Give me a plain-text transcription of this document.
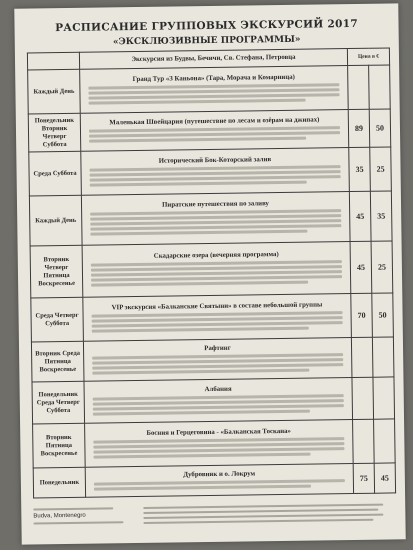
РАСПИСАНИЕ ГРУППОВЫХ ЭКСКУРСИЙ 2017
«ЭКСКЛЮЗИВНЫЕ ПРОГРАММЫ»
	Экскурсия из Будвы, Бечичи, Св. Стефана, Петровца	Цена в €	

Каждый День	Гранд Тур «З Каньона» (Тара, Морача и Комарница)		

Понедельник Вторник Четверг Суббота	Маленькая Швейцария (путешествие по лесам и озёрам на джипах)	89	50
Среда Суббота	Исторический Бок-Которский залив	35	25
Каждый День	Пиратские путешествия по заливу	45	35
Вторник Четверг Пятница Воскресенье	Скадарские озера (вечерняя программа)	45	25
Среда Четверг Суббота	VIP экскурсия «Балканские Святыни» в составе небольшой группы	70	50
Вторник Среда Пятница Воскресенье	Рафтинг		

Понедельник Среда Четверг Суббота	Албания		

Вторник Пятница Воскресенье	Босния и Герцеговина - «Балканская Тоскана»		

Понедельник	Дубровник и о. Локрум	75	45
Budva, Montenegro
